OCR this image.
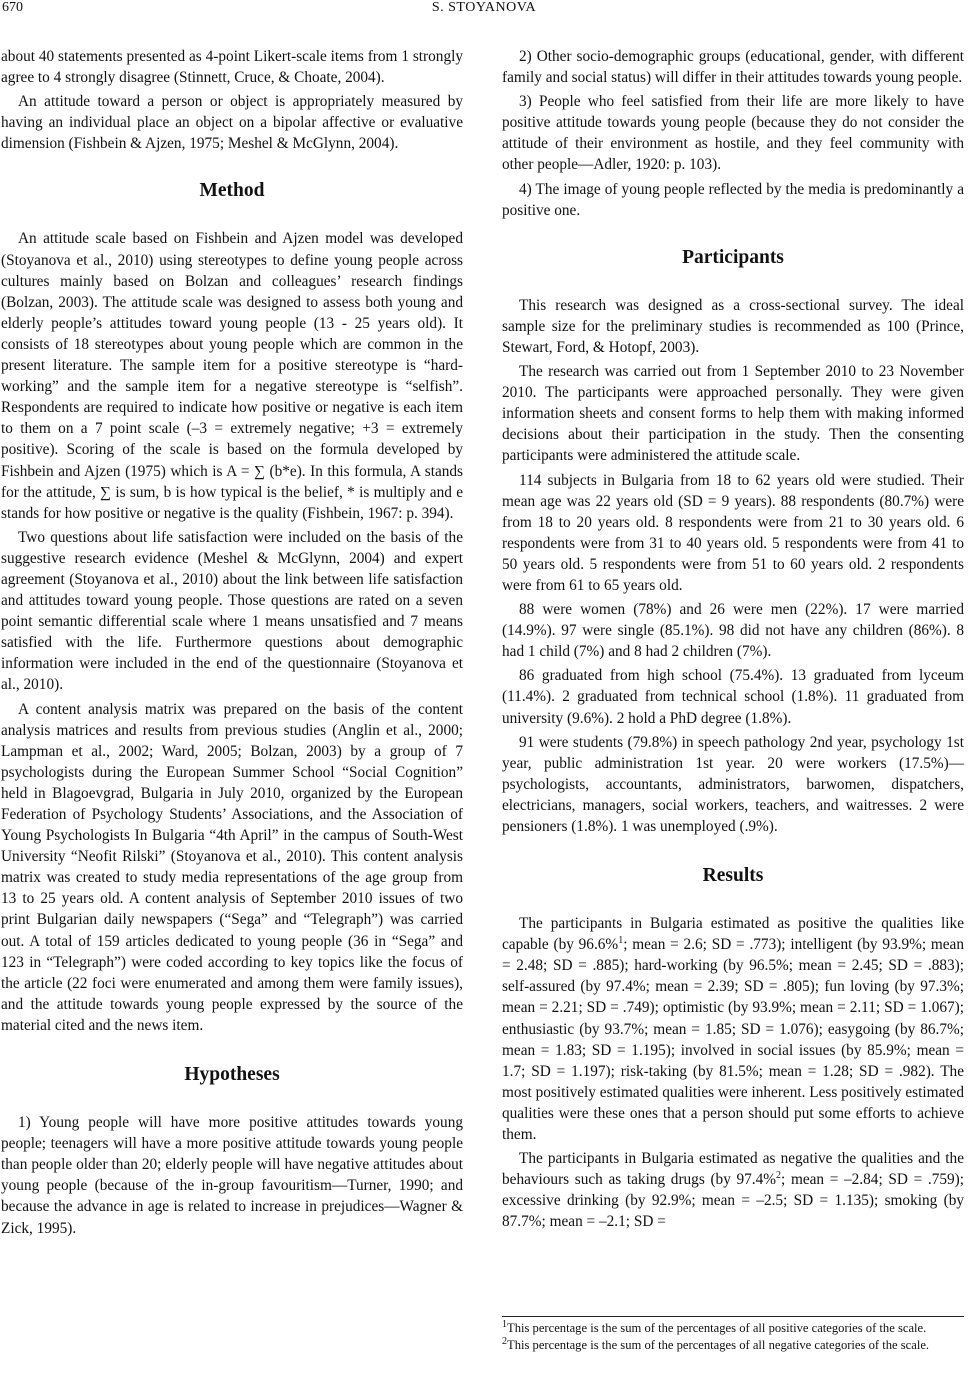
670	S. STOYANOVA

about 40 statements presented as 4-point Likert-scale items from 1 strongly agree to 4 strongly disagree (Stinnett, Cruce, & Choate, 2004).

An attitude toward a person or object is appropriately measured by having an individual place an object on a bipolar affective or evaluative dimension (Fishbein & Ajzen, 1975; Meshel & McGlynn, 2004).

Method

An attitude scale based on Fishbein and Ajzen model was developed (Stoyanova et al., 2010) using stereotypes to define young people across cultures mainly based on Bolzan and colleagues’ research findings (Bolzan, 2003). The attitude scale was designed to assess both young and elderly people’s attitudes toward young people (13 - 25 years old). It consists of 18 stereotypes about young people which are common in the present literature. The sample item for a positive stereotype is “hard-working” and the sample item for a negative stereotype is “selfish”. Respondents are required to indicate how positive or negative is each item to them on a 7 point scale (–3 = extremely negative; +3 = extremely positive). Scoring of the scale is based on the formula developed by Fishbein and Ajzen (1975) which is A = ∑ (b*e). In this formula, A stands for the attitude, ∑ is sum, b is how typical is the belief, * is multiply and e stands for how positive or negative is the quality (Fishbein, 1967: p. 394).

Two questions about life satisfaction were included on the basis of the suggestive research evidence (Meshel & McGlynn, 2004) and expert agreement (Stoyanova et al., 2010) about the link between life satisfaction and attitudes toward young people. Those questions are rated on a seven point semantic differential scale where 1 means unsatisfied and 7 means satisfied with the life. Furthermore questions about demographic information were included in the end of the questionnaire (Stoyanova et al., 2010).

A content analysis matrix was prepared on the basis of the content analysis matrices and results from previous studies (Anglin et al., 2000; Lampman et al., 2002; Ward, 2005; Bolzan, 2003) by a group of 7 psychologists during the European Summer School “Social Cognition” held in Blagoevgrad, Bulgaria in July 2010, organized by the European Federation of Psychology Students’ Associations, and the Association of Young Psychologists In Bulgaria “4th April” in the campus of South-West University “Neofit Rilski” (Stoyanova et al., 2010). This content analysis matrix was created to study media representations of the age group from 13 to 25 years old. A content analysis of September 2010 issues of two print Bulgarian daily newspapers (“Sega” and “Telegraph”) was carried out. A total of 159 articles dedicated to young people (36 in “Sega” and 123 in “Telegraph”) were coded according to key topics like the focus of the article (22 foci were enumerated and among them were family issues), and the attitude towards young people expressed by the source of the material cited and the news item.

Hypotheses

1) Young people will have more positive attitudes towards young people; teenagers will have a more positive attitude towards young people than people older than 20; elderly people will have negative attitudes about young people (because of the in-group favouritism—Turner, 1990; and because the advance in age is related to increase in prejudices—Wagner & Zick, 1995).

2) Other socio-demographic groups (educational, gender, with different family and social status) will differ in their attitudes towards young people.

3) People who feel satisfied from their life are more likely to have positive attitude towards young people (because they do not consider the attitude of their environment as hostile, and they feel community with other people—Adler, 1920: p. 103).

4) The image of young people reflected by the media is predominantly a positive one.

Participants

This research was designed as a cross-sectional survey. The ideal sample size for the preliminary studies is recommended as 100 (Prince, Stewart, Ford, & Hotopf, 2003).

The research was carried out from 1 September 2010 to 23 November 2010. The participants were approached personally. They were given information sheets and consent forms to help them with making informed decisions about their participation in the study. Then the consenting participants were administered the attitude scale.

114 subjects in Bulgaria from 18 to 62 years old were studied. Their mean age was 22 years old (SD = 9 years). 88 respondents (80.7%) were from 18 to 20 years old. 8 respondents were from 21 to 30 years old. 6 respondents were from 31 to 40 years old. 5 respondents were from 41 to 50 years old. 5 respondents were from 51 to 60 years old. 2 respondents were from 61 to 65 years old.

88 were women (78%) and 26 were men (22%). 17 were married (14.9%). 97 were single (85.1%). 98 did not have any children (86%). 8 had 1 child (7%) and 8 had 2 children (7%).

86 graduated from high school (75.4%). 13 graduated from lyceum (11.4%). 2 graduated from technical school (1.8%). 11 graduated from university (9.6%). 2 hold a PhD degree (1.8%).

91 were students (79.8%) in speech pathology 2nd year, psychology 1st year, public administration 1st year. 20 were workers (17.5%)—psychologists, accountants, administrators, barwomen, dispatchers, electricians, managers, social workers, teachers, and waitresses. 2 were pensioners (1.8%). 1 was unemployed (.9%).

Results

The participants in Bulgaria estimated as positive the qualities like capable (by 96.6%$^1$; mean = 2.6; SD = .773); intelligent (by 93.9%; mean = 2.48; SD = .885); hard-working (by 96.5%; mean = 2.45; SD = .883); self-assured (by 97.4%; mean = 2.39; SD = .805); fun loving (by 97.3%; mean = 2.21; SD = .749); optimistic (by 93.9%; mean = 2.11; SD = 1.067); enthusiastic (by 93.7%; mean = 1.85; SD = 1.076); easygoing (by 86.7%; mean = 1.83; SD = 1.195); involved in social issues (by 85.9%; mean = 1.7; SD = 1.197); risk-taking (by 81.5%; mean = 1.28; SD = .982). The most positively estimated qualities were inherent. Less positively estimated qualities were these ones that a person should put some efforts to achieve them.

The participants in Bulgaria estimated as negative the qualities and the behaviours such as taking drugs (by 97.4%$^2$; mean = –2.84; SD = .759); excessive drinking (by 92.9%; mean = –2.5; SD = 1.135); smoking (by 87.7%; mean = –2.1; SD =

$^1$This percentage is the sum of the percentages of all positive categories of the scale.

$^2$This percentage is the sum of the percentages of all negative categories of the scale.
